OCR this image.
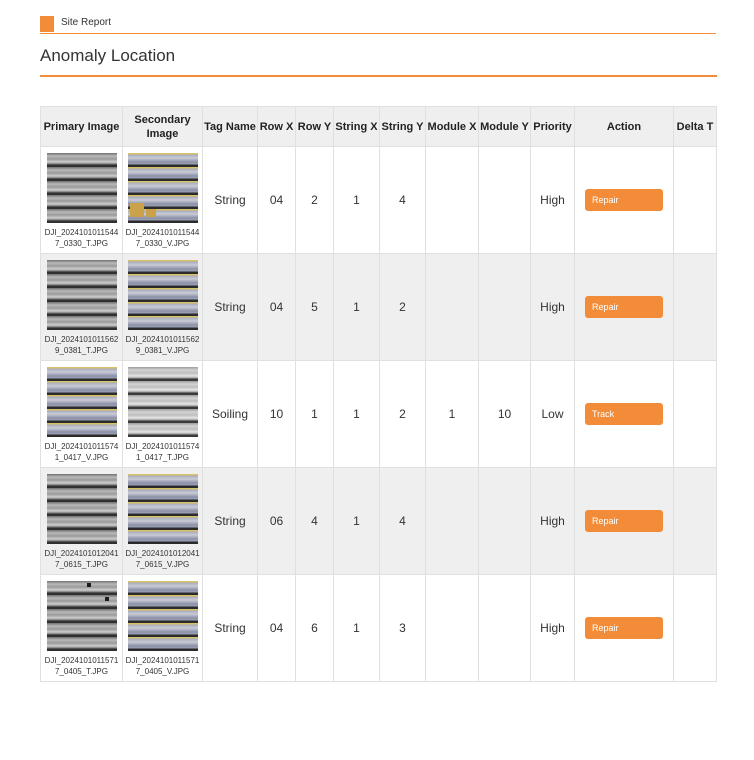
Site Report
Anomaly Location
Primary Image	Secondary Image	Tag Name	Row X	Row Y	String X	String Y	Module X	Module Y	Priority	Action	Delta T

DJI_20241010115447_0330_T.JPG	DJI_20241010115447_0330_V.JPG	String	04	2	1	4			High	Repair	

DJI_20241010115629_0381_T.JPG	DJI_20241010115629_0381_V.JPG	String	04	5	1	2			High	Repair	

DJI_20241010115741_0417_V.JPG	DJI_20241010115741_0417_T.JPG	Soiling	10	1	1	2	1	10	Low	Track	

DJI_20241010120417_0615_T.JPG	DJI_20241010120417_0615_V.JPG	String	06	4	1	4			High	Repair	

DJI_20241010115717_0405_T.JPG	DJI_20241010115717_0405_V.JPG	String	04	6	1	3			High	Repair	
